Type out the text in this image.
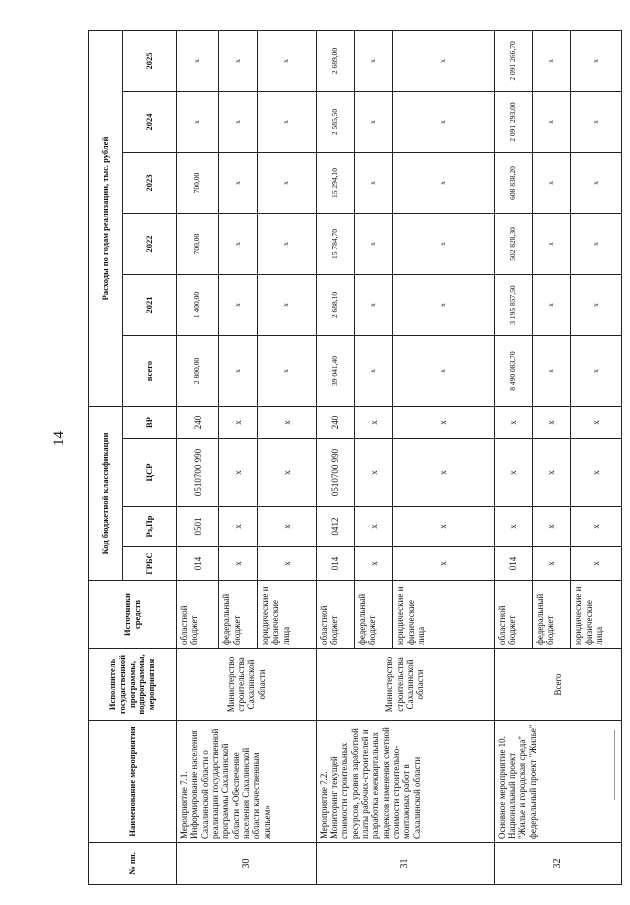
14
№ пп.	Наименование мероприятия	Исполнитель госудаственной программы, подпрограммы, мероприятия	Источники средств	Код бюджетной классификации				Расходы по годам реализации, тыс. рублей					
				ГРБС	Рз,Пр	ЦСР	ВР	всего	2021	2022	2023	2024	2025
30	Мероприятие 7.1. Информирование населения Сахалинской области о реализации государственной программы Сахалинской области «Обеспечение населения Сахалинской области качественным жильем»	Министерство строительства Сахалинской области	областной бюджет	014	0501	0510700 990	240	2 800,00	1 400,00	700,00	700,00	х	х
			федеральный бюджет	х	х	х	х	х	х	х	х	х	х
			юридические и физические лица	х	х	х	х	х	х	х	х	х	х
31	Мероприятие 7.2. Мониторинг текущей стоимости строительных ресурсов, уровня заработной платы рабочих-строителей и разработка ежеквартальных индексов изменения сметной стоимости строительно-монтажных работ в Сахалинской области	Министерство строительства Сахалинской области	областной бюджет	014	0412	0510700 990	240	39 041,40	2 688,10	15 784,70	15 294,10	2 585,50	2 689,00
			федеральный бюджет	х	х	х	х	х	х	х	х	х	х
			юридические и физические лица	х	х	х	х	х	х	х	х	х	х
32	Основное мероприятие 10. Национальный проект "Жилье и городская среда" федеральный проект "Жилье"	Всего	областной бюджет	014	х	х	х	8 490 083,70	3 195 857,50	502 828,30	608 838,20	2 091 293,00	2 091 266,70
			федеральный бюджет	х	х	х	х	х	х	х	х	х	х
			юридические и физические лица	х	х	х	х	х	х	х	х	х	х
